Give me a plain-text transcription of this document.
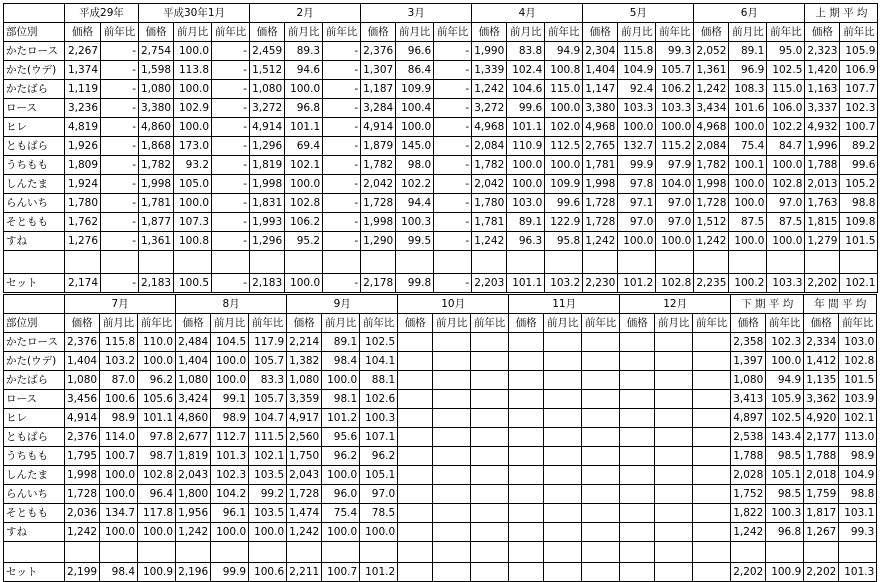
	平成29年		平成30年1月			2月			3月			4月			5月			6月			上 期 平 均	
部位別	価格	前年比	価格	前月比	前年比	価格	前月比	前年比	価格	前月比	前年比	価格	前月比	前年比	価格	前月比	前年比	価格	前月比	前年比	価格	前年比
かたロース	2,267	-	2,754	100.0	-	2,459	89.3	-	2,376	96.6	-	1,990	83.8	94.9	2,304	115.8	99.3	2,052	89.1	95.0	2,323	105.9
かた(ウデ)	1,374	-	1,598	113.8	-	1,512	94.6	-	1,307	86.4	-	1,339	102.4	100.8	1,404	104.9	105.7	1,361	96.9	102.5	1,420	106.9
かたばら	1,119	-	1,080	100.0	-	1,080	100.0	-	1,187	109.9	-	1,242	104.6	115.0	1,147	92.4	106.2	1,242	108.3	115.0	1,163	107.7
ロース	3,236	-	3,380	102.9	-	3,272	96.8	-	3,284	100.4	-	3,272	99.6	100.0	3,380	103.3	103.3	3,434	101.6	106.0	3,337	102.3
ヒレ	4,819	-	4,860	100.0	-	4,914	101.1	-	4,914	100.0	-	4,968	101.1	102.0	4,968	100.0	100.0	4,968	100.0	102.2	4,932	100.7
ともばら	1,926	-	1,868	173.0	-	1,296	69.4	-	1,879	145.0	-	2,084	110.9	112.5	2,765	132.7	115.2	2,084	75.4	84.7	1,996	89.2
うちもも	1,809	-	1,782	93.2	-	1,819	102.1	-	1,782	98.0	-	1,782	100.0	100.0	1,781	99.9	97.9	1,782	100.1	100.0	1,788	99.6
しんたま	1,924	-	1,998	105.0	-	1,998	100.0	-	2,042	102.2	-	2,042	100.0	109.9	1,998	97.8	104.0	1,998	100.0	102.8	2,013	105.2
らんいち	1,780	-	1,781	100.0	-	1,831	102.8	-	1,728	94.4	-	1,780	103.0	99.6	1,728	97.1	97.0	1,728	100.0	97.0	1,763	98.8
そともも	1,762	-	1,877	107.3	-	1,993	106.2	-	1,998	100.3	-	1,781	89.1	122.9	1,728	97.0	97.0	1,512	87.5	87.5	1,815	109.8
すね	1,276	-	1,361	100.8	-	1,296	95.2	-	1,290	99.5	-	1,242	96.3	95.8	1,242	100.0	100.0	1,242	100.0	100.0	1,279	101.5

セット	2,174	-	2,183	100.5	-	2,183	100.0	-	2,178	99.8	-	2,203	101.1	103.2	2,230	101.2	102.8	2,235	100.2	103.3	2,202	102.1
	7月			8月			9月			10月			11月			12月			下 期 平 均		年 間 平 均	
部位別	価格	前月比	前年比	価格	前月比	前年比	価格	前月比	前年比	価格	前月比	前年比	価格	前月比	前年比	価格	前月比	前年比	価格	前年比	価格	前年比
かたロース	2,376	115.8	110.0	2,484	104.5	117.9	2,214	89.1	102.5										2,358	102.3	2,334	103.0
かた(ウデ)	1,404	103.2	100.0	1,404	100.0	105.7	1,382	98.4	104.1										1,397	100.0	1,412	102.8
かたばら	1,080	87.0	96.2	1,080	100.0	83.3	1,080	100.0	88.1										1,080	94.9	1,135	101.5
ロース	3,456	100.6	105.6	3,424	99.1	105.7	3,359	98.1	102.6										3,413	105.9	3,362	103.9
ヒレ	4,914	98.9	101.1	4,860	98.9	104.7	4,917	101.2	100.3										4,897	102.5	4,920	102.1
ともばら	2,376	114.0	97.8	2,677	112.7	111.5	2,560	95.6	107.1										2,538	143.4	2,177	113.0
うちもも	1,795	100.7	98.7	1,819	101.3	102.1	1,750	96.2	96.2										1,788	98.5	1,788	98.9
しんたま	1,998	100.0	102.8	2,043	102.3	103.5	2,043	100.0	105.1										2,028	105.1	2,018	104.9
らんいち	1,728	100.0	96.4	1,800	104.2	99.2	1,728	96.0	97.0										1,752	98.5	1,759	98.8
そともも	2,036	134.7	117.8	1,956	96.1	103.5	1,474	75.4	78.5										1,822	100.3	1,817	103.1
すね	1,242	100.0	100.0	1,242	100.0	100.0	1,242	100.0	100.0										1,242	96.8	1,267	99.3

セット	2,199	98.4	100.9	2,196	99.9	100.6	2,211	100.7	101.2										2,202	100.9	2,202	101.3
